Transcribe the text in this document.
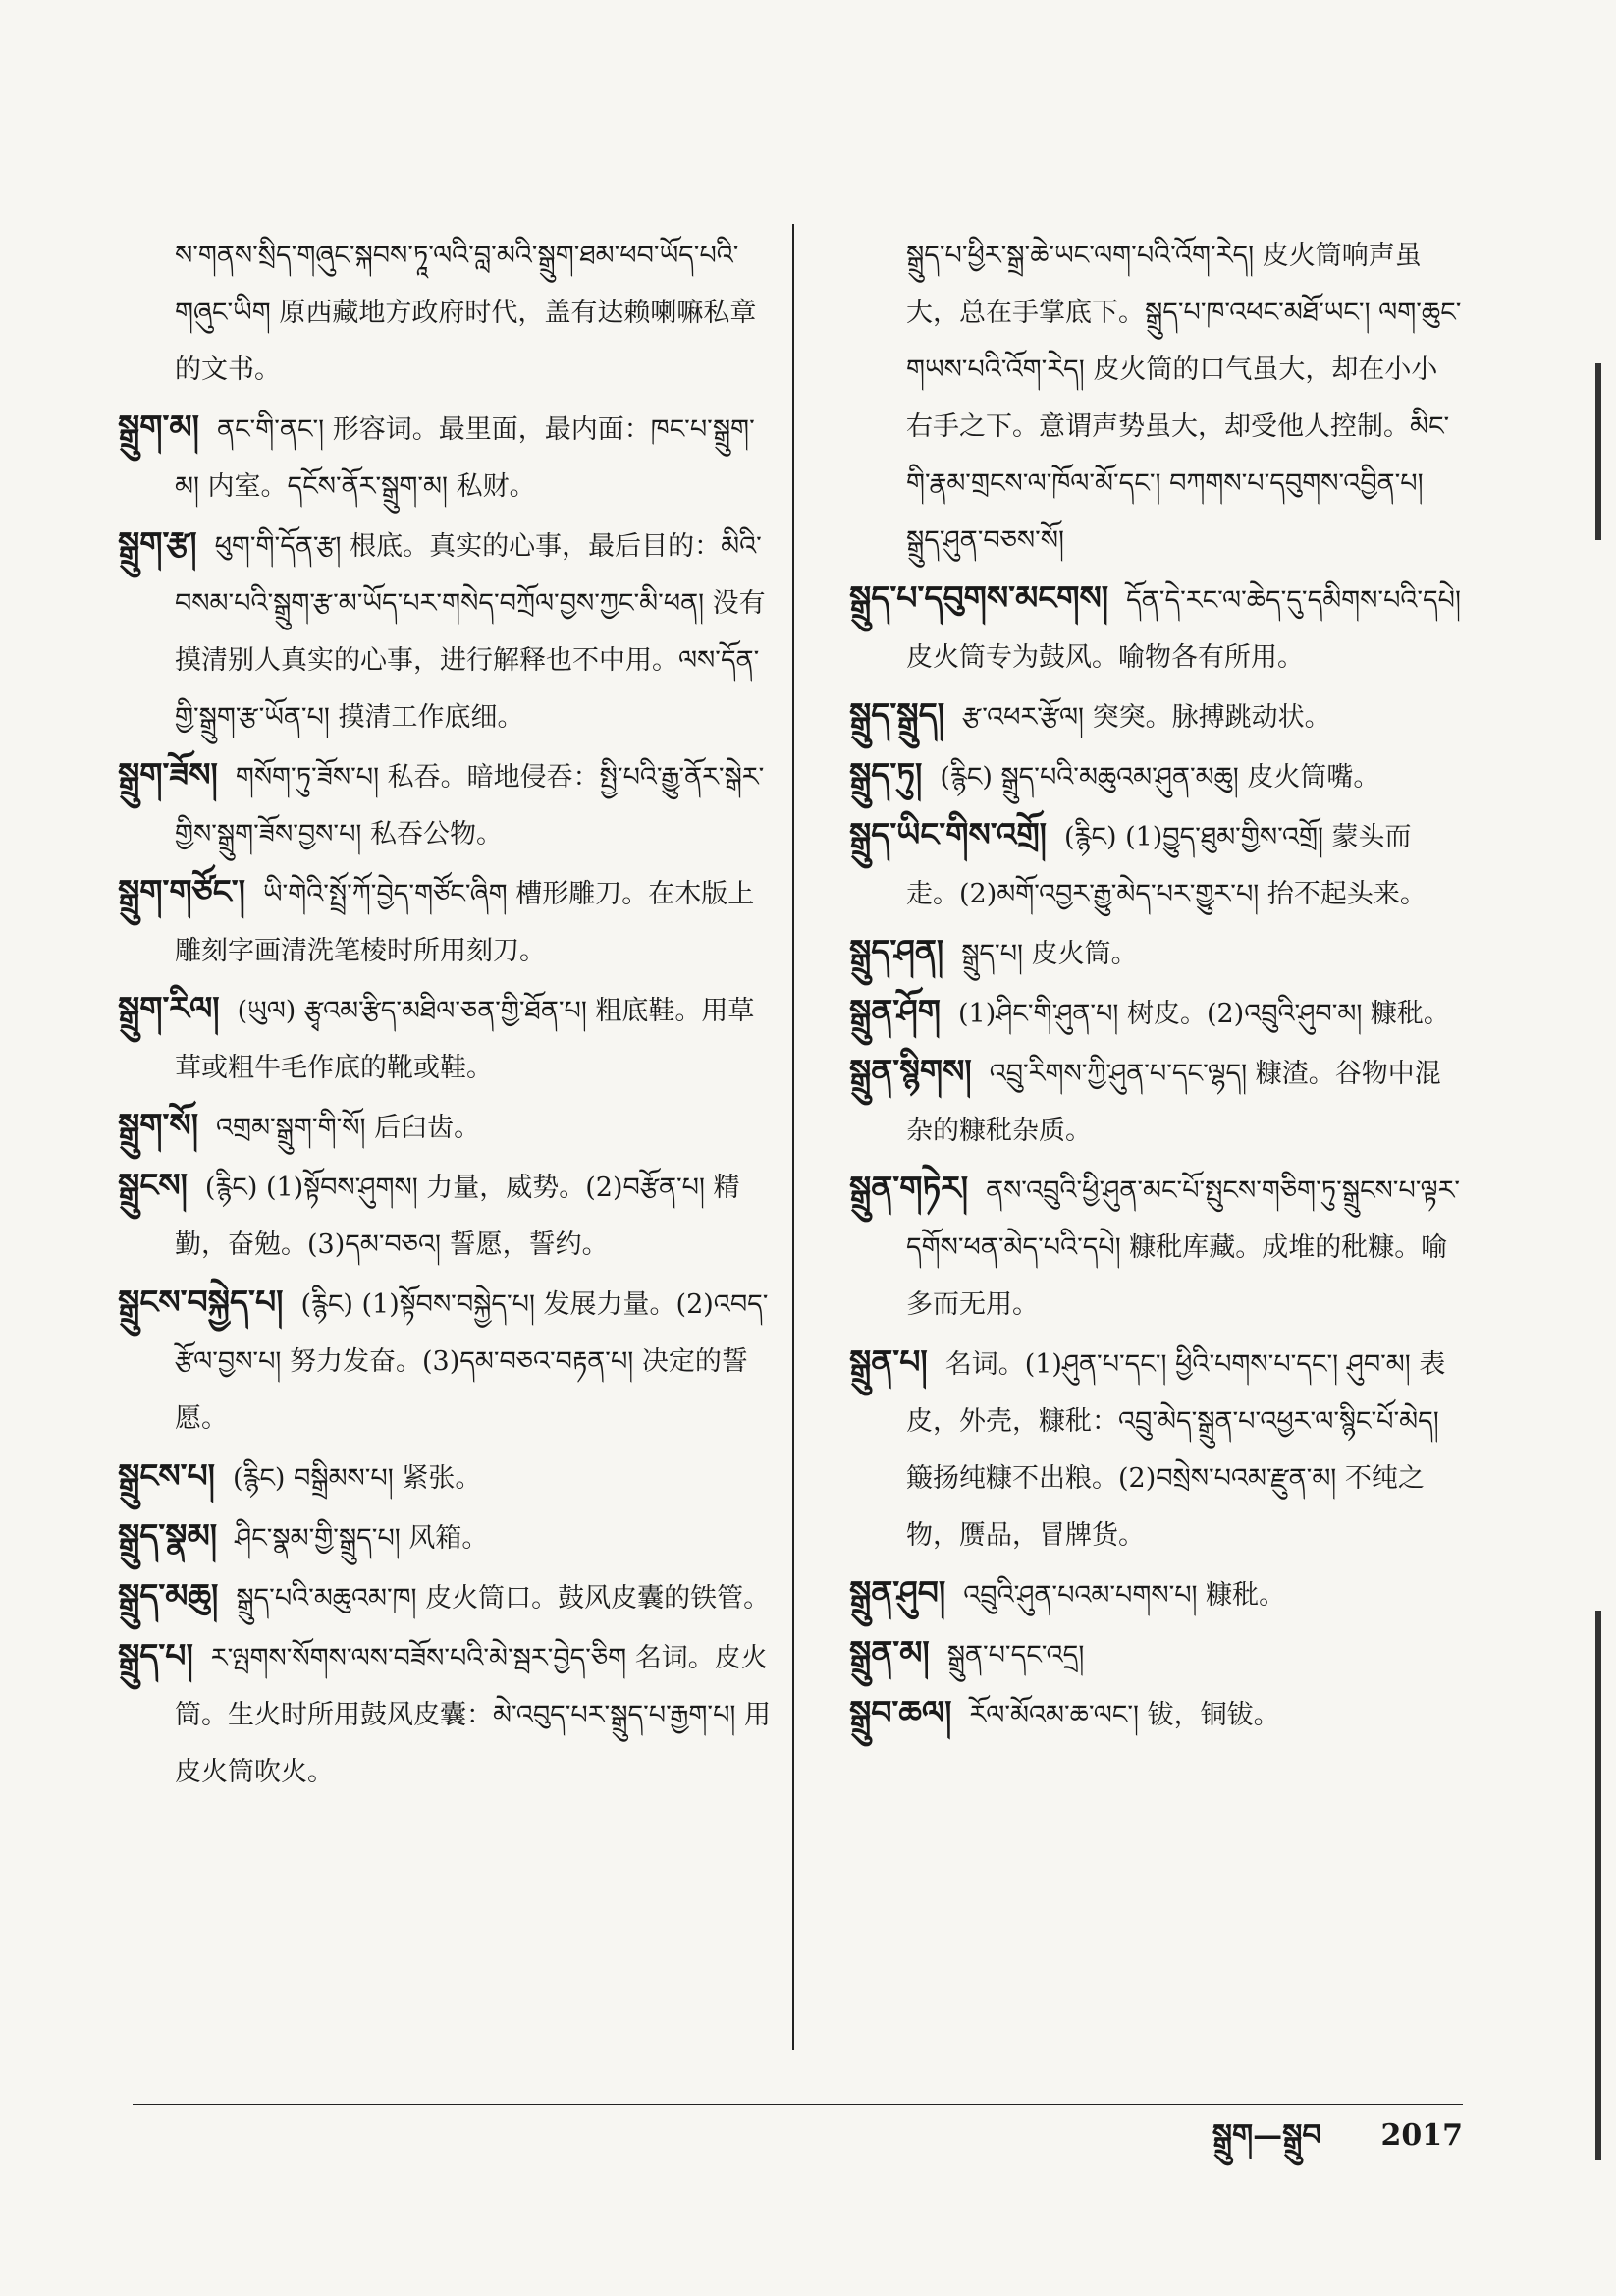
ས་གནས་སྲིད་གཞུང་སྐབས་ཏཱ་ལའི་བླ་མའི་སྒྲུག་ཐམ་ཕབ་ཡོད་པའི་གཞུང་ཡིག 原西藏地方政府时代，盖有达赖喇嘛私章的文书。

སྒྲུག་མ། ནང་གི་ནང་། 形容词。最里面，最内面：ཁང་པ་སྒྲུག་མ། 内室。དངོས་ནོར་སྒྲུག་མ། 私财。

སྒྲུག་རྩ། ཕུག་གི་དོན་རྩ། 根底。真实的心事，最后目的：མིའི་བསམ་པའི་སྒྲུག་རྩ་མ་ཡོད་པར་གསེད་བཀྲོལ་བྱས་ཀྱང་མི་ཕན། 没有摸清别人真实的心事，进行解释也不中用。ལས་དོན་གྱི་སྒྲུག་རྩ་ཡོན་པ། 摸清工作底细。

སྒྲུག་ཟོས། གསོག་ཏུ་ཟོས་པ། 私吞。暗地侵吞：སྤྱི་པའི་རྒྱུ་ནོར་སྒེར་གྱིས་སྒྲུག་ཟོས་བྱས་པ། 私吞公物。

སྒྲུག་གཙོང་། ཡི་གེའི་སྤྲོ་ཀོ་བྱེད་གཙོང་ཞིག 槽形雕刀。在木版上雕刻字画清洗笔棱时所用刻刀。

སྒྲུག་རིལ། (ཡུལ) རྩྭའམ་རྩིད་མཐིལ་ཅན་གྱི་ཐོན་པ། 粗底鞋。用草茸或粗牛毛作底的靴或鞋。

སྒྲུག་སོ། འགྲམ་སྒྲུག་གི་སོ། 后臼齿。

སྒྲུངས། (རྙིང) (1)སྟོབས་ཤུགས། 力量，威势。(2)བརྩོན་པ། 精勤，奋勉。(3)དམ་བཅའ། 誓愿，誓约。

སྒྲུངས་བསྐྱེད་པ། (རྙིང) (1)སྟོབས་བསྐྱེད་པ། 发展力量。(2)འབད་རྩོལ་བྱས་པ། 努力发奋。(3)དམ་བཅའ་བརྟན་པ། 决定的誓愿。

སྒྲུངས་པ། (རྙིང) བསྒྲིམས་པ། 紧张。

སྒྲུད་སྣམ། ཤིང་སྣམ་གྱི་སྒྲུད་པ། 风箱。

སྒྲུད་མཆུ། སྒྲུད་པའི་མཆུའམ་ཁ། 皮火筒口。鼓风皮囊的铁管。

སྒྲུད་པ། ར་ལྤགས་སོགས་ལས་བཟོས་པའི་མེ་སྦར་བྱེད་ཅིག 名词。皮火筒。生火时所用鼓风皮囊：མེ་འབུད་པར་སྒྲུད་པ་རྒྱག་པ། 用皮火筒吹火。

སྒྲུད་པ་ཕྱིར་སྒྲ་ཆེ་ཡང་ལག་པའི་འོག་རེད། 皮火筒响声虽大，总在手掌底下。སྒྲུད་པ་ཁ་འཕང་མཐོ་ཡང་། ལག་ཆུང་གཡས་པའི་འོག་རེད། 皮火筒的口气虽大，却在小小右手之下。意谓声势虽大，却受他人控制。མིང་གི་རྣམ་གྲངས་ལ་ཁོལ་མོ་དང་། བཀགས་པ་དབུགས་འབྱིན་པ། སྒྲུད་ཤུན་བཅས་སོ།

སྒྲུད་པ་དབུགས་མངགས། དོན་དེ་རང་ལ་ཆེད་དུ་དམིགས་པའི་དཔེ། 皮火筒专为鼓风。喻物各有所用。

སྒྲུད་སྒྲུད། རྩ་འཕར་རྩོལ། 突突。脉搏跳动状。

སྒྲུད་ཏུ། (རྙིང) སྒྲུད་པའི་མཆུའམ་ཤུན་མཆུ། 皮火筒嘴。

སྒྲུད་ཡིང་གིས་འགྲོ། (རྙིང) (1)བྱུད་ཐུམ་གྱིས་འགྲོ། 蒙头而走。(2)མགོ་འབྱར་རྒྱུ་མེད་པར་གྱུར་པ། 抬不起头来。

སྒྲུད་ཤན། སྒྲུད་པ། 皮火筒。

སྒྲུན་ཤོག (1)ཤིང་གི་ཤུན་པ། 树皮。(2)འབྲུའི་ཤུབ་མ། 糠秕。

སྒྲུན་སྙིགས། འབྲུ་རིགས་ཀྱི་ཤུན་པ་དང་ལྷད། 糠渣。谷物中混杂的糠秕杂质。

སྒྲུན་གཏེར། ནས་འབྲུའི་ཕྱི་ཤུན་མང་པོ་སྤུངས་གཅིག་ཏུ་སྒྲུངས་པ་ལྟར་དགོས་ཕན་མེད་པའི་དཔེ། 糠秕库藏。成堆的秕糠。喻多而无用。

སྒྲུན་པ། 名词。(1)ཤུན་པ་དང་། ཕྱིའི་པགས་པ་དང་། ཤུབ་མ། 表皮，外壳，糠秕：འབྲུ་མེད་སྒྲུན་པ་འཕྱར་ལ་སྙིང་པོ་མེད། 簸扬纯糠不出粮。(2)བསྲེས་པའམ་རྫུན་མ། 不纯之物，赝品，冒牌货。

སྒྲུན་ཤུབ། འབྲུའི་ཤུན་པའམ་པགས་པ། 糠秕。

སྒྲུན་མ། སྒྲུན་པ་དང་འདྲ།

སྒྲུབ་ཆལ། རོལ་མོའམ་ཆ་ལང་། 钹，铜钹。

སྒྲུག—སྒྲུབ 2017
